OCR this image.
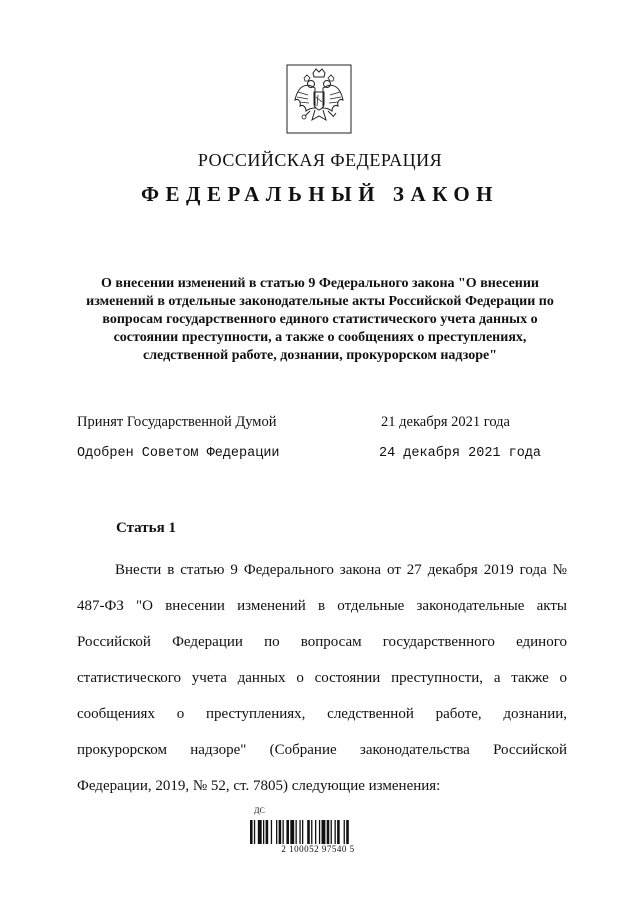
РОССИЙСКАЯ ФЕДЕРАЦИЯ
ФЕДЕРАЛЬНЫЙ ЗАКОН
О внесении изменений в статью 9 Федерального закона "О внесении изменений в отдельные законодательные акты Российской Федерации по вопросам государственного единого статистического учета данных о состоянии преступности, а также о сообщениях о преступлениях, следственной работе, дознании, прокурорском надзоре"
Принят Государственной Думой	21 декабря 2021 года
Одобрен Советом Федерации	24 декабря 2021 года
Статья 1
Внести в статью 9 Федерального закона от 27 декабря 2019 года № 487-ФЗ "О внесении изменений в отдельные законодательные акты Российской Федерации по вопросам государственного единого статистического учета данных о состоянии преступности, а также о сообщениях о преступлениях, следственной работе, дознании, прокурорском надзоре" (Собрание законодательства Российской Федерации, 2019, № 52, ст. 7805) следующие изменения:
ДС
2 100052 97540 5
